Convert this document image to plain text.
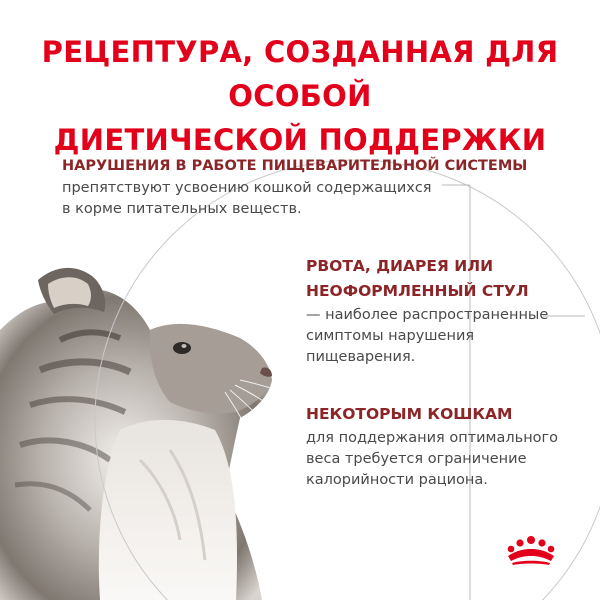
РЕЦЕПТУРА, СОЗДАННАЯ ДЛЯ ОСОБОЙ
ДИЕТИЧЕСКОЙ ПОДДЕРЖКИ
НАРУШЕНИЯ В РАБОТЕ ПИЩЕВАРИТЕЛЬНОЙ СИСТЕМЫ
препятствуют усвоению кошкой содержащихся
в корме питательных веществ.
РВОТА, ДИАРЕЯ ИЛИ
НЕОФОРМЛЕННЫЙ СТУЛ
— наиболее распространенные
симптомы нарушения
пищеварения.
НЕКОТОРЫМ КОШКАМ
для поддержания оптимального
веса требуется ограничение
калорийности рациона.
